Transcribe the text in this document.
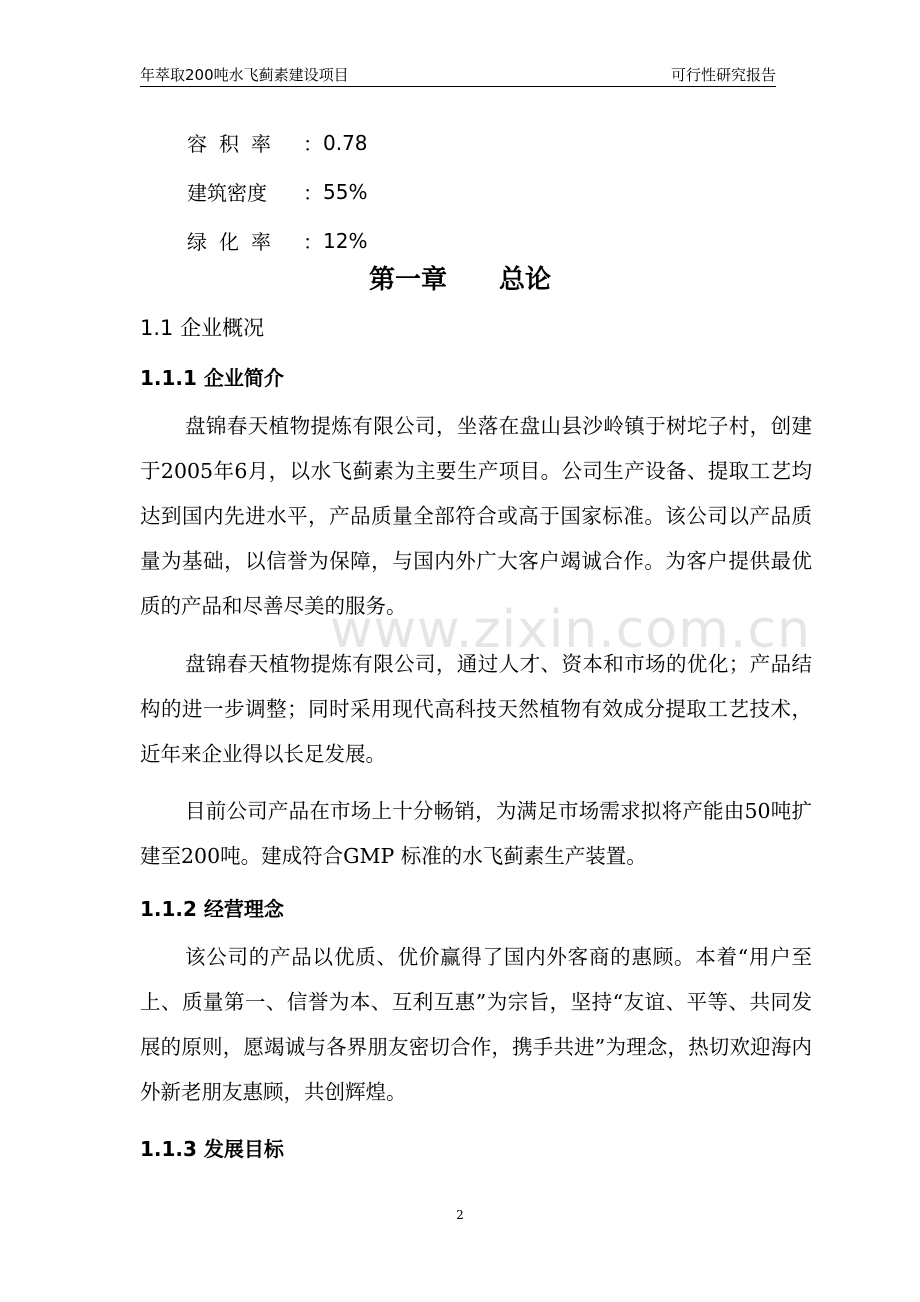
年萃取200吨水飞蓟素建设项目	可行性研究报告
容积率	： 0.78
建筑密度	： 55%
绿化率	： 12%
第一章　　总论
1.1 企业概况
1.1.1 企业简介

盘锦春天植物提炼有限公司，坐落在盘山县沙岭镇于树坨子村，创建于2005年6月，以水飞蓟素为主要生产项目。公司生产设备、提取工艺均达到国内先进水平，产品质量全部符合或高于国家标准。该公司以产品质量为基础，以信誉为保障，与国内外广大客户竭诚合作。为客户提供最优质的产品和尽善尽美的服务。

盘锦春天植物提炼有限公司，通过人才、资本和市场的优化；产品结构的进一步调整；同时采用现代高科技天然植物有效成分提取工艺技术，近年来企业得以长足发展。

目前公司产品在市场上十分畅销，为满足市场需求拟将产能由50吨扩建至200吨。建成符合GMP 标准的水飞蓟素生产装置。

1.1.2 经营理念

该公司的产品以优质、优价赢得了国内外客商的惠顾。本着“用户至上、质量第一、信誉为本、互利互惠”为宗旨，坚持“友谊、平等、共同发展的原则，愿竭诚与各界朋友密切合作，携手共进”为理念，热切欢迎海内外新老朋友惠顾，共创辉煌。

1.1.3 发展目标
www.zixin.com.cn
2
